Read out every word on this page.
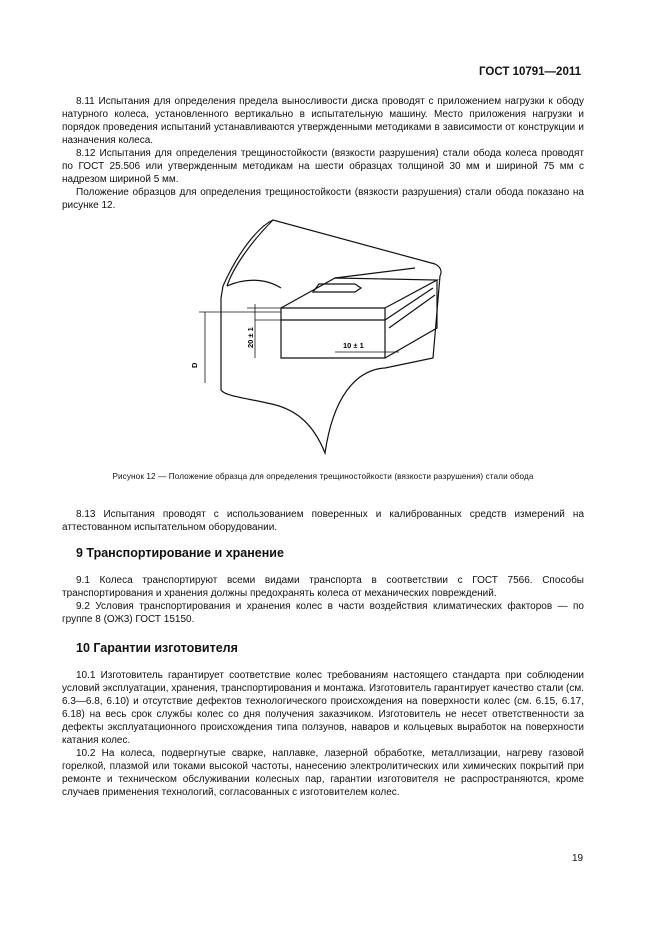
ГОСТ 10791—2011

8.11 Испытания для определения предела выносливости диска проводят с приложением нагрузки к ободу натурного колеса, установленного вертикально в испытательную машину. Место приложения нагрузки и порядок проведения испытаний устанавливаются утвержденными методиками в зависимости от конструкции и назначения колеса.

8.12 Испытания для определения трещиностойкости (вязкости разрушения) стали обода колеса проводят по ГОСТ 25.506 или утвержденным методикам на шести образцах толщиной 30 мм и шириной 75 мм с надрезом шириной 5 мм.

Положение образцов для определения трещиностойкости (вязкости разрушения) стали обода показано на рисунке 12.

D
20 ± 1	10 ± 1
Рисунок 12 — Положение образца для определения трещиностойкости (вязкости разрушения) стали обода

8.13 Испытания проводят с использованием поверенных и калиброванных средств измерений на аттестованном испытательном оборудовании.

9 Транспортирование и хранение

9.1 Колеса транспортируют всеми видами транспорта в соответствии с ГОСТ 7566. Способы транспортирования и хранения должны предохранять колеса от механических повреждений.

9.2 Условия транспортирования и хранения колес в части воздействия климатических факторов — по группе 8 (ОЖ3) ГОСТ 15150.

10 Гарантии изготовителя

10.1 Изготовитель гарантирует соответствие колес требованиям настоящего стандарта при соблюдении условий эксплуатации, хранения, транспортирования и монтажа. Изготовитель гарантирует качество стали (см. 6.3—6.8, 6.10) и отсутствие дефектов технологического происхождения на поверхности колес (см. 6.15, 6.17, 6.18) на весь срок службы колес со дня получения заказчиком. Изготовитель не несет ответственности за дефекты эксплуатационного происхождения типа ползунов, наваров и кольцевых выработок на поверхности катания колес.

10.2 На колеса, подвергнутые сварке, наплавке, лазерной обработке, металлизации, нагреву газовой горелкой, плазмой или токами высокой частоты, нанесению электролитических или химических покрытий при ремонте и техническом обслуживании колесных пар, гарантии изготовителя не распространяются, кроме случаев применения технологий, согласованных с изготовителем колес.

19
